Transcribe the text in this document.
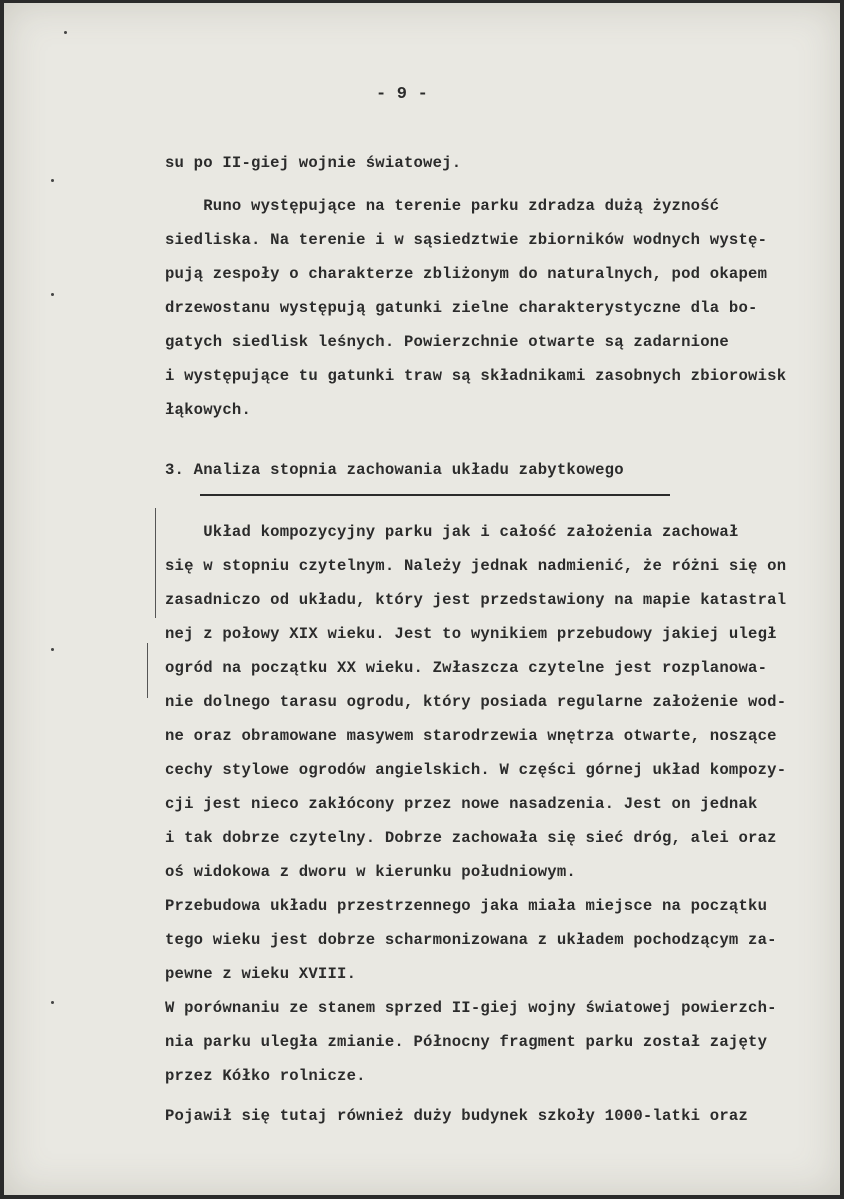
- 9 -
su po II-giej wojnie światowej.
Runo występujące na terenie parku zdradza dużą żyzność
siedliska. Na terenie i w sąsiedztwie zbiorników wodnych wystę-
pują zespoły o charakterze zbliżonym do naturalnych, pod okapem
drzewostanu występują gatunki zielne charakterystyczne dla bo-
gatych siedlisk leśnych. Powierzchnie otwarte są zadarnione
i występujące tu gatunki traw są składnikami zasobnych zbiorowisk
łąkowych.
3. Analiza stopnia zachowania układu zabytkowego
Układ kompozycyjny parku jak i całość założenia zachował
się w stopniu czytelnym. Należy jednak nadmienić, że różni się on
zasadniczo od układu, który jest przedstawiony na mapie katastral
nej z połowy XIX wieku. Jest to wynikiem przebudowy jakiej uległ
ogród na początku XX wieku. Zwłaszcza czytelne jest rozplanowa-
nie dolnego tarasu ogrodu, który posiada regularne założenie wod-
ne oraz obramowane masywem starodrzewia wnętrza otwarte, noszące
cechy stylowe ogrodów angielskich. W części górnej układ kompozy-
cji jest nieco zakłócony przez nowe nasadzenia. Jest on jednak
i tak dobrze czytelny. Dobrze zachowała się sieć dróg, alei oraz
oś widokowa z dworu w kierunku południowym.
Przebudowa układu przestrzennego jaka miała miejsce na początku
tego wieku jest dobrze scharmonizowana z układem pochodzącym za-
pewne z wieku XVIII.
W porównaniu ze stanem sprzed II-giej wojny światowej powierzch-
nia parku uległa zmianie. Północny fragment parku został zajęty
przez Kółko rolnicze.
Pojawił się tutaj również duży budynek szkoły 1000-latki oraz
